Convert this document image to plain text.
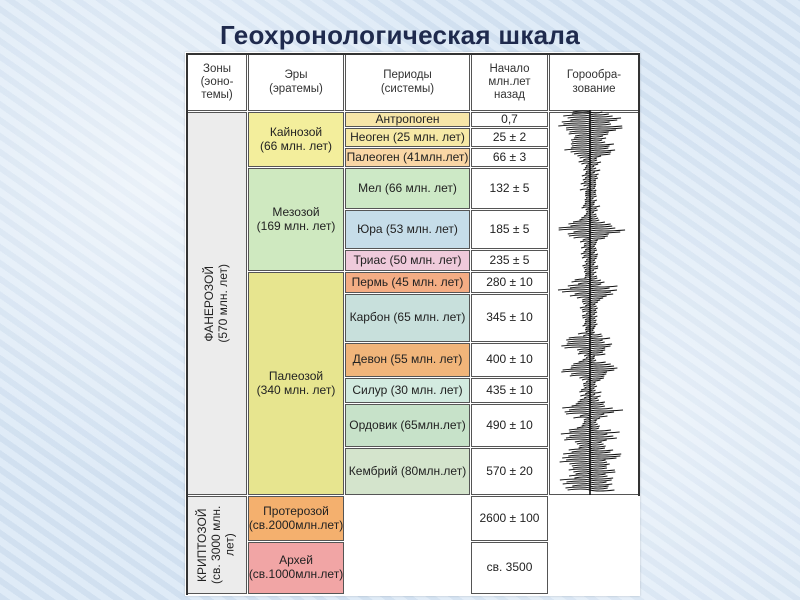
Геохронологическая шкала
Зоны
(эоно-
темы)
Эры
(эратемы)
Периоды
(системы)
Начало
млн.лет
назад
Горообра-
зование
ФАНЕРОЗОЙ
(570 млн. лет)
КРИПТОЗОЙ
(св. 3000 млн. лет)
Кайнозой
(66 млн. лет)
Мезозой
(169 млн. лет)
Палеозой
(340 млн. лет)
Протерозой
(св.2000млн.лет)
Архей
(св.1000млн.лет)
Антропоген
Неоген (25 млн. лет)
Палеоген (41млн.лет)
Мел (66 млн. лет)
Юра (53 млн. лет)
Триас (50 млн. лет)
Пермь (45 млн. лет)
Карбон (65 млн. лет)
Девон (55 млн. лет)
Силур (30 млн. лет)
Ордовик (65млн.лет)
Кембрий (80млн.лет)
0,7
25 ± 2
66 ± 3
132 ± 5
185 ± 5
235 ± 5
280 ± 10
345 ± 10
400 ± 10
435 ± 10
490 ± 10
570 ± 20
2600 ± 100
св. 3500
